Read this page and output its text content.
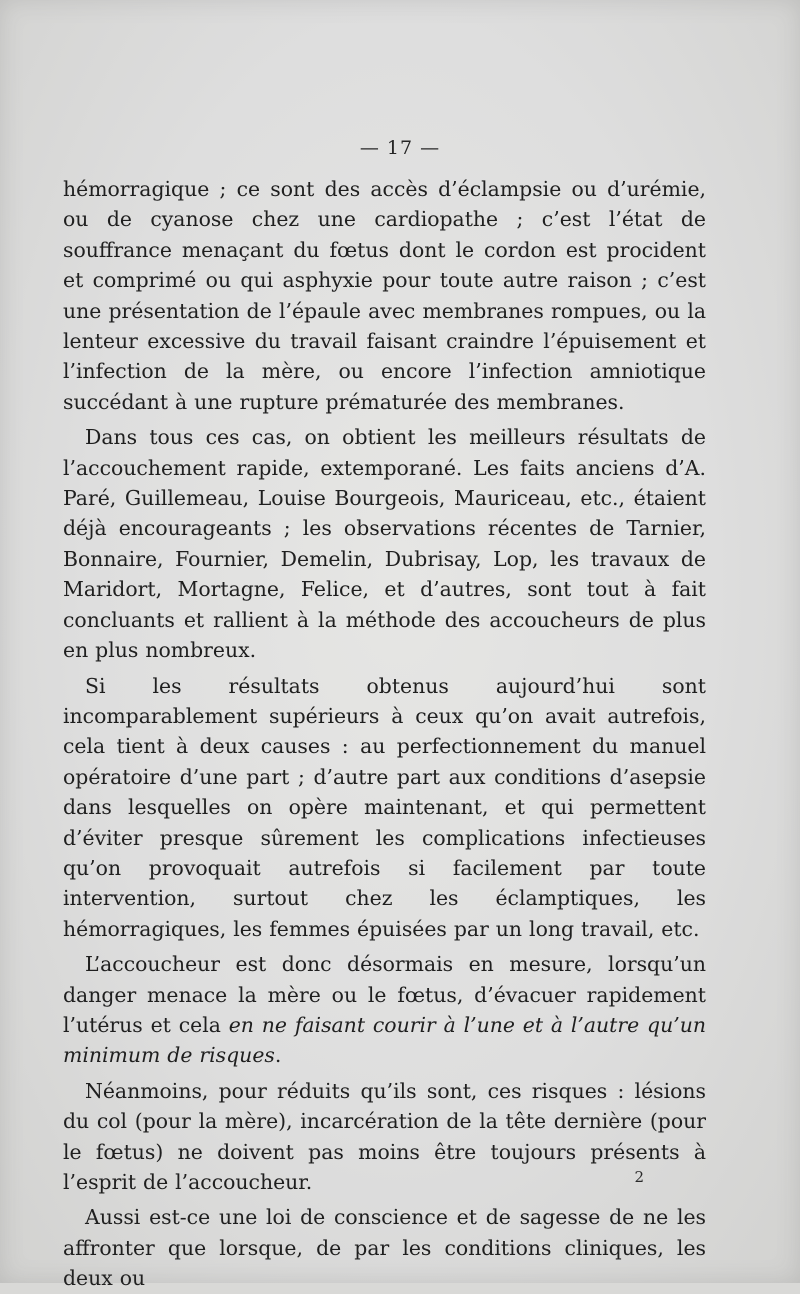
— 17 —

hémorragique ; ce sont des accès d’éclampsie ou d’urémie, ou de cyanose chez une cardiopathe ; c’est l’état de souffrance menaçant du fœtus dont le cordon est procident et comprimé ou qui asphyxie pour toute autre raison ; c’est une présentation de l’épaule avec membranes rompues, ou la lenteur excessive du travail faisant craindre l’épuisement et l’infection de la mère, ou encore l’infection amniotique succédant à une rupture prématurée des membranes.

Dans tous ces cas, on obtient les meilleurs résultats de l’accouchement rapide, extemporané. Les faits anciens d’A. Paré, Guillemeau, Louise Bourgeois, Mauriceau, etc., étaient déjà encourageants ; les observations récentes de Tarnier, Bonnaire, Fournier, Demelin, Dubrisay, Lop, les travaux de Maridort, Mortagne, Felice, et d’autres, sont tout à fait concluants et rallient à la méthode des accoucheurs de plus en plus nombreux.

Si les résultats obtenus aujourd’hui sont incomparablement supérieurs à ceux qu’on avait autrefois, cela tient à deux causes : au perfectionnement du manuel opératoire d’une part ; d’autre part aux conditions d’asepsie dans lesquelles on opère maintenant, et qui permettent d’éviter presque sûrement les complications infectieuses qu’on provoquait autrefois si facilement par toute intervention, surtout chez les éclamptiques, les hémorragiques, les femmes épuisées par un long travail, etc.

L’accoucheur est donc désormais en mesure, lorsqu’un danger menace la mère ou le fœtus, d’évacuer rapidement l’utérus et cela en ne faisant courir à l’une et à l’autre qu’un minimum de risques.

Néanmoins, pour réduits qu’ils sont, ces risques : lésions du col (pour la mère), incarcération de la tête dernière (pour le fœtus) ne doivent pas moins être toujours présents à l’esprit de l’accoucheur.

Aussi est-ce une loi de conscience et de sagesse de ne les affronter que lorsque, de par les conditions cliniques, les deux ou

2
